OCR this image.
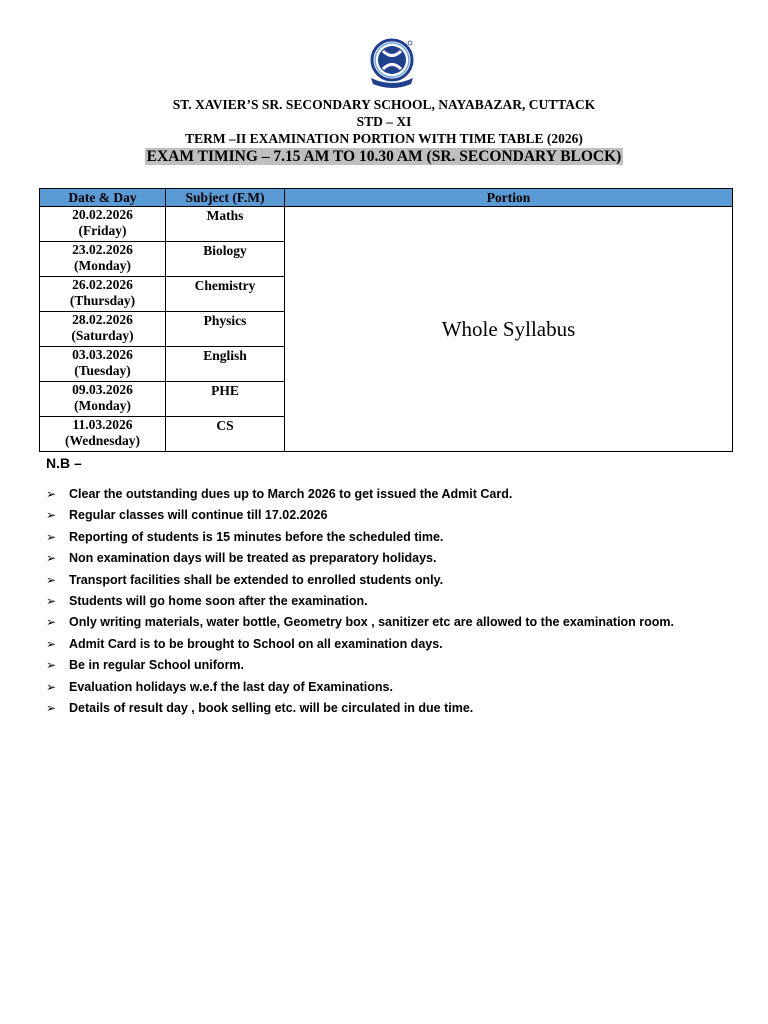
ST. XAVIER’S SR. SECONDARY SCHOOL, NAYABAZAR, CUTTACK
STD – XI
TERM –II EXAMINATION PORTION WITH TIME TABLE (2026)
EXAM TIMING – 7.15 AM TO 10.30 AM (SR. SECONDARY BLOCK)
Date & Day	Subject (F.M)	Portion

20.02.2026
(Friday)	Maths	Whole Syllabus

23.02.2026
(Monday)	Biology	

26.02.2026
(Thursday)	Chemistry	

28.02.2026
(Saturday)	Physics	

03.03.2026
(Tuesday)	English	

09.03.2026
(Monday)	PHE	

11.03.2026
(Wednesday)	CS	
N.B –
➢ Clear the outstanding dues up to March 2026 to get issued the Admit Card.
➢ Regular classes will continue till 17.02.2026
➢ Reporting of students is 15 minutes before the scheduled time.
➢ Non examination days will be treated as preparatory holidays.
➢ Transport facilities shall be extended to enrolled students only.
➢ Students will go home soon after the examination.
➢ Only writing materials, water bottle, Geometry box , sanitizer etc are allowed to the examination room.
➢ Admit Card is to be brought to School on all examination days.
➢ Be in regular School uniform.
➢ Evaluation holidays w.e.f the last day of Examinations.
➢ Details of result day , book selling etc. will be circulated in due time.
